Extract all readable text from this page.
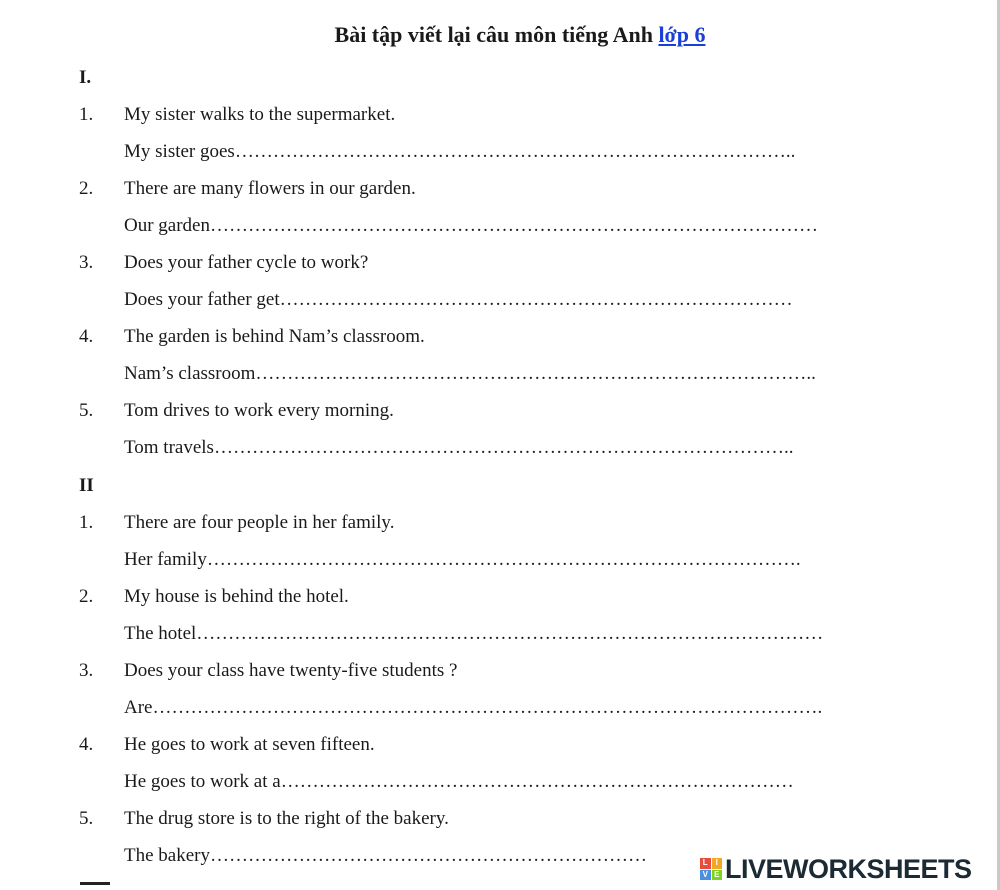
Bài tập viết lại câu môn tiếng Anh lớp 6
I.
1. My sister walks to the supermarket.
My sister goes……………………………………………………………………………..
2. There are many flowers in our garden.
Our garden……………………………………………………………………………………
3. Does your father cycle to work?
Does your father get………………………………………………………………………
4. The garden is behind Nam’s classroom.
Nam’s classroom……………………………………………………………………………..
5. Tom drives to work every morning.
Tom travels………………………………………………………………………………..
II
1. There are four people in her family.
Her family………………………………………………………………………………….
2. My house is behind the hotel.
The hotel………………………………………………………………………………………
3. Does your class have twenty-five students ?
Are…………………………………………………………………………………………….
4. He goes to work at seven fifteen.
He goes to work at a………………………………………………………………………
5. The drug store is to the right of the bakery.
The bakery……………………………………………………………	L I
V E LIVEWORKSHEETS
